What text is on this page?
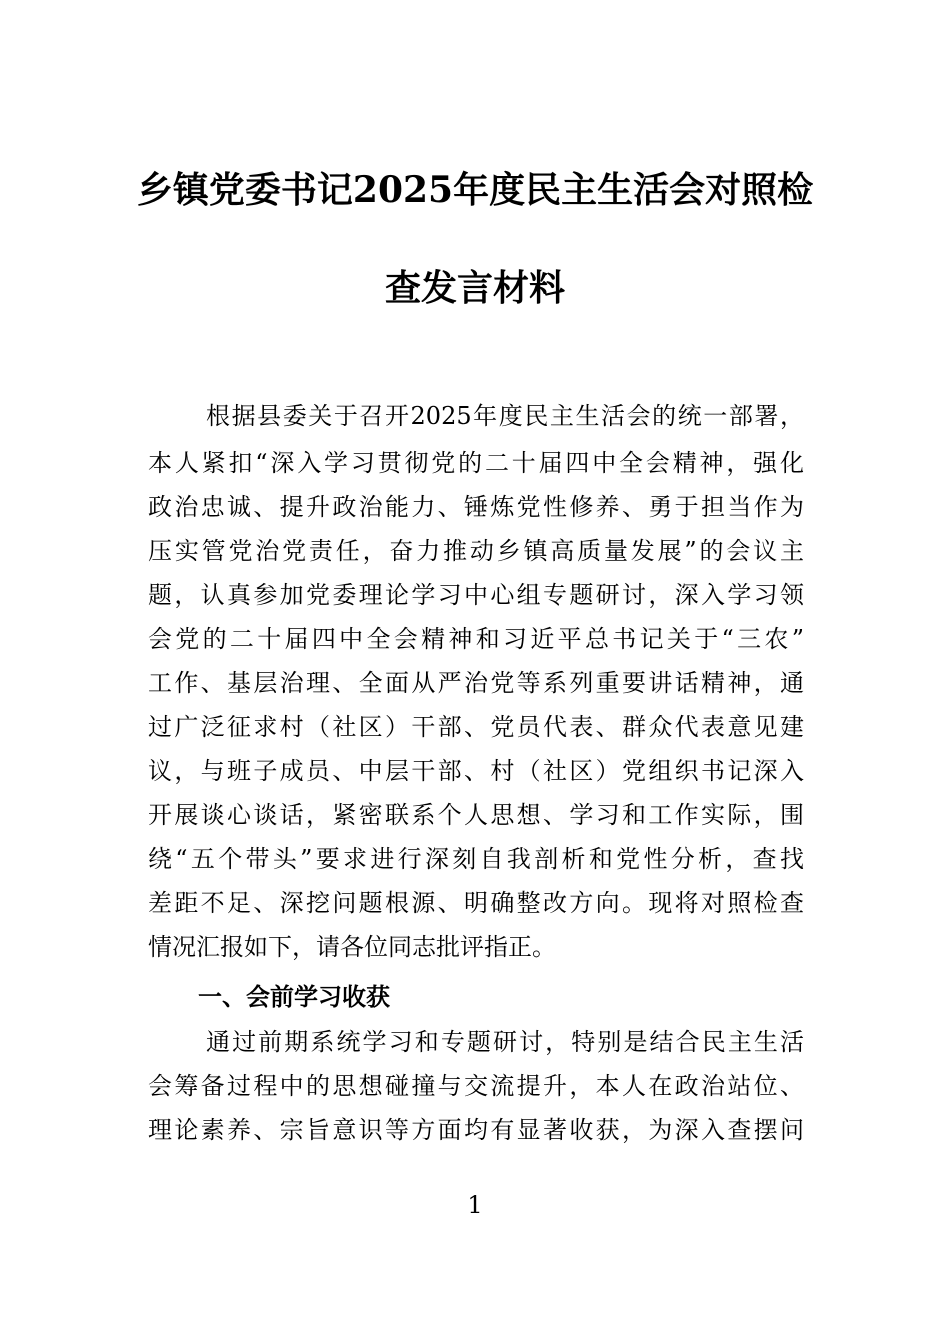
乡镇党委书记2025年度民主生活会对照检
查发言材料
根据县委关于召开2025年度民主生活会的统一部署，
本人紧扣“深入学习贯彻党的二十届四中全会精神，强化
政治忠诚、提升政治能力、锤炼党性修养、勇于担当作为
压实管党治党责任，奋力推动乡镇高质量发展”的会议主
题，认真参加党委理论学习中心组专题研讨，深入学习领
会党的二十届四中全会精神和习近平总书记关于“三农”
工作、基层治理、全面从严治党等系列重要讲话精神，通
过广泛征求村（社区）干部、党员代表、群众代表意见建
议，与班子成员、中层干部、村（社区）党组织书记深入
开展谈心谈话，紧密联系个人思想、学习和工作实际，围
绕“五个带头”要求进行深刻自我剖析和党性分析，查找
差距不足、深挖问题根源、明确整改方向。现将对照检查
情况汇报如下，请各位同志批评指正。
一、会前学习收获
通过前期系统学习和专题研讨，特别是结合民主生活
会筹备过程中的思想碰撞与交流提升，本人在政治站位、
理论素养、宗旨意识等方面均有显著收获，为深入查摆问
1
